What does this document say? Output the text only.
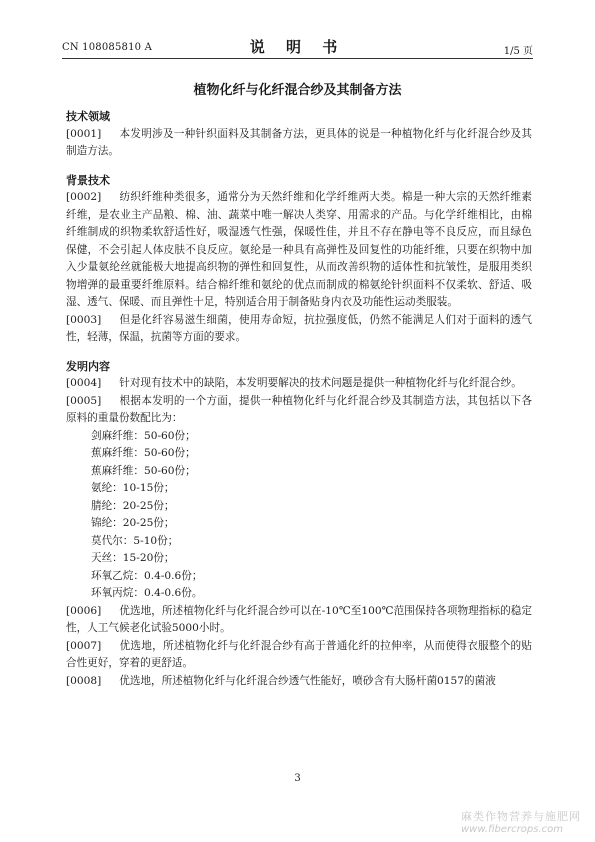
CN 108085810 A	说 明 书	1/5 页
植物化纤与化纤混合纱及其制备方法
技术领域

[0001] 本发明涉及一种针织面料及其制备方法，更具体的说是一种植物化纤与化纤混合纱及其制造方法。

背景技术

[0002] 纺织纤维种类很多，通常分为天然纤维和化学纤维两大类。棉是一种大宗的天然纤维素纤维，是农业主产品粮、棉、油、蔬菜中唯一解决人类穿、用需求的产品。与化学纤维相比，由棉纤维制成的织物柔软舒适性好，吸湿透气性强，保暖性佳，并且不存在静电等不良反应，而且绿色保健，不会引起人体皮肤不良反应。氨纶是一种具有高弹性及回复性的功能纤维，只要在织物中加入少量氨纶丝就能极大地提高织物的弹性和回复性，从而改善织物的适体性和抗皱性，是服用类织物增弹的最重要纤维原料。结合棉纤维和氨纶的优点而制成的棉氨纶针织面料不仅柔软、舒适、吸湿、透气、保暖、而且弹性十足，特别适合用于制备贴身内衣及功能性运动类服装。

[0003] 但是化纤容易滋生细菌，使用寿命短，抗拉强度低，仍然不能满足人们对于面料的透气性，轻薄，保温，抗菌等方面的要求。

发明内容

[0004] 针对现有技术中的缺陷，本发明要解决的技术问题是提供一种植物化纤与化纤混合纱。

[0005] 根据本发明的一个方面，提供一种植物化纤与化纤混合纱及其制造方法，其包括以下各原料的重量份数配比为：

剑麻纤维：50-60份；
蕉麻纤维：50-60份；
蕉麻纤维：50-60份；
氨纶：10-15份；
腈纶：20-25份；
锦纶：20-25份；
莫代尔：5-10份；
天丝：15-20份；
环氧乙烷：0.4-0.6份；
环氧丙烷：0.4-0.6份。

[0006] 优选地，所述植物化纤与化纤混合纱可以在-10℃至100℃范围保持各项物理指标的稳定性，人工气候老化试验5000小时。

[0007] 优选地，所述植物化纤与化纤混合纱有高于普通化纤的拉伸率，从而使得衣服整个的贴合性更好，穿着的更舒适。

[0008] 优选地，所述植物化纤与化纤混合纱透气性能好，喷砂含有大肠杆菌0157的菌液

3
麻类作物营养与施肥网
www.fibercrops.com
